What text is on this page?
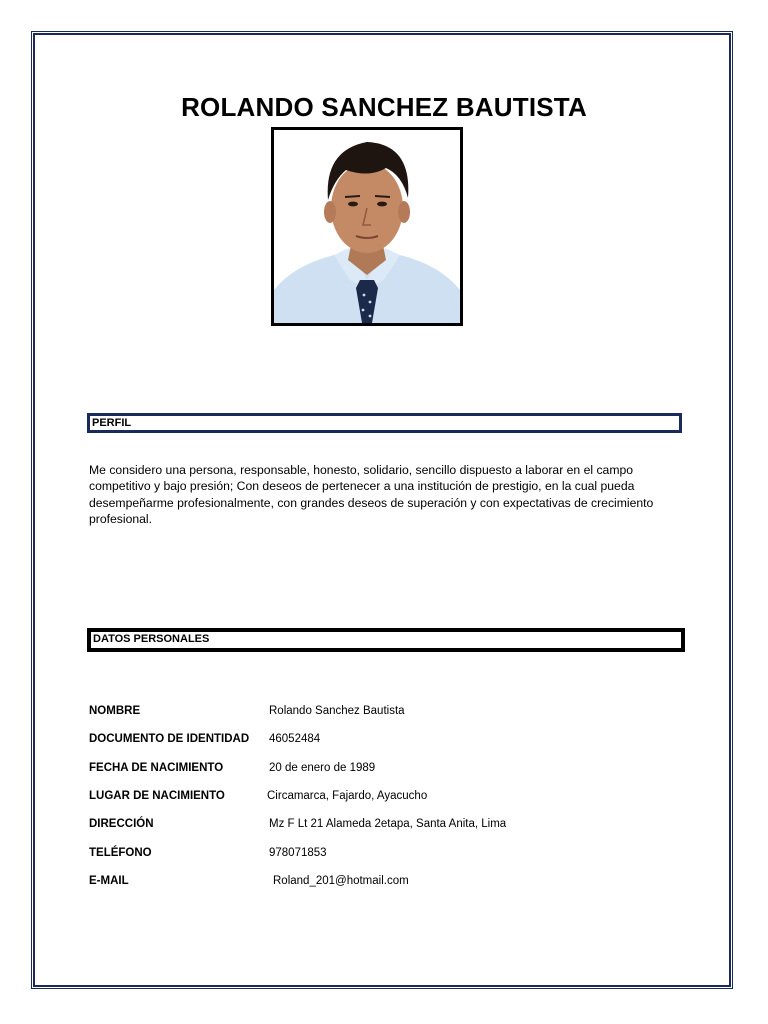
ROLANDO SANCHEZ BAUTISTA
PERFIL
Me considero una persona, responsable, honesto, solidario, sencillo dispuesto a laborar en el campo competitivo y bajo presión; Con deseos de pertenecer a una institución de prestigio, en la cual pueda desempeñarme profesionalmente, con grandes deseos de superación y con expectativas de crecimiento profesional.
DATOS PERSONALES
NOMBRE	Rolando Sanchez Bautista
DOCUMENTO DE IDENTIDAD 46052484
FECHA DE NACIMIENTO	20 de enero de 1989
LUGAR DE NACIMIENTO	Circamarca, Fajardo, Ayacucho
DIRECCIÓN	Mz F Lt 21 Alameda 2etapa, Santa Anita, Lima
TELÉFONO	978071853
E-MAIL	Roland_201@hotmail.com
